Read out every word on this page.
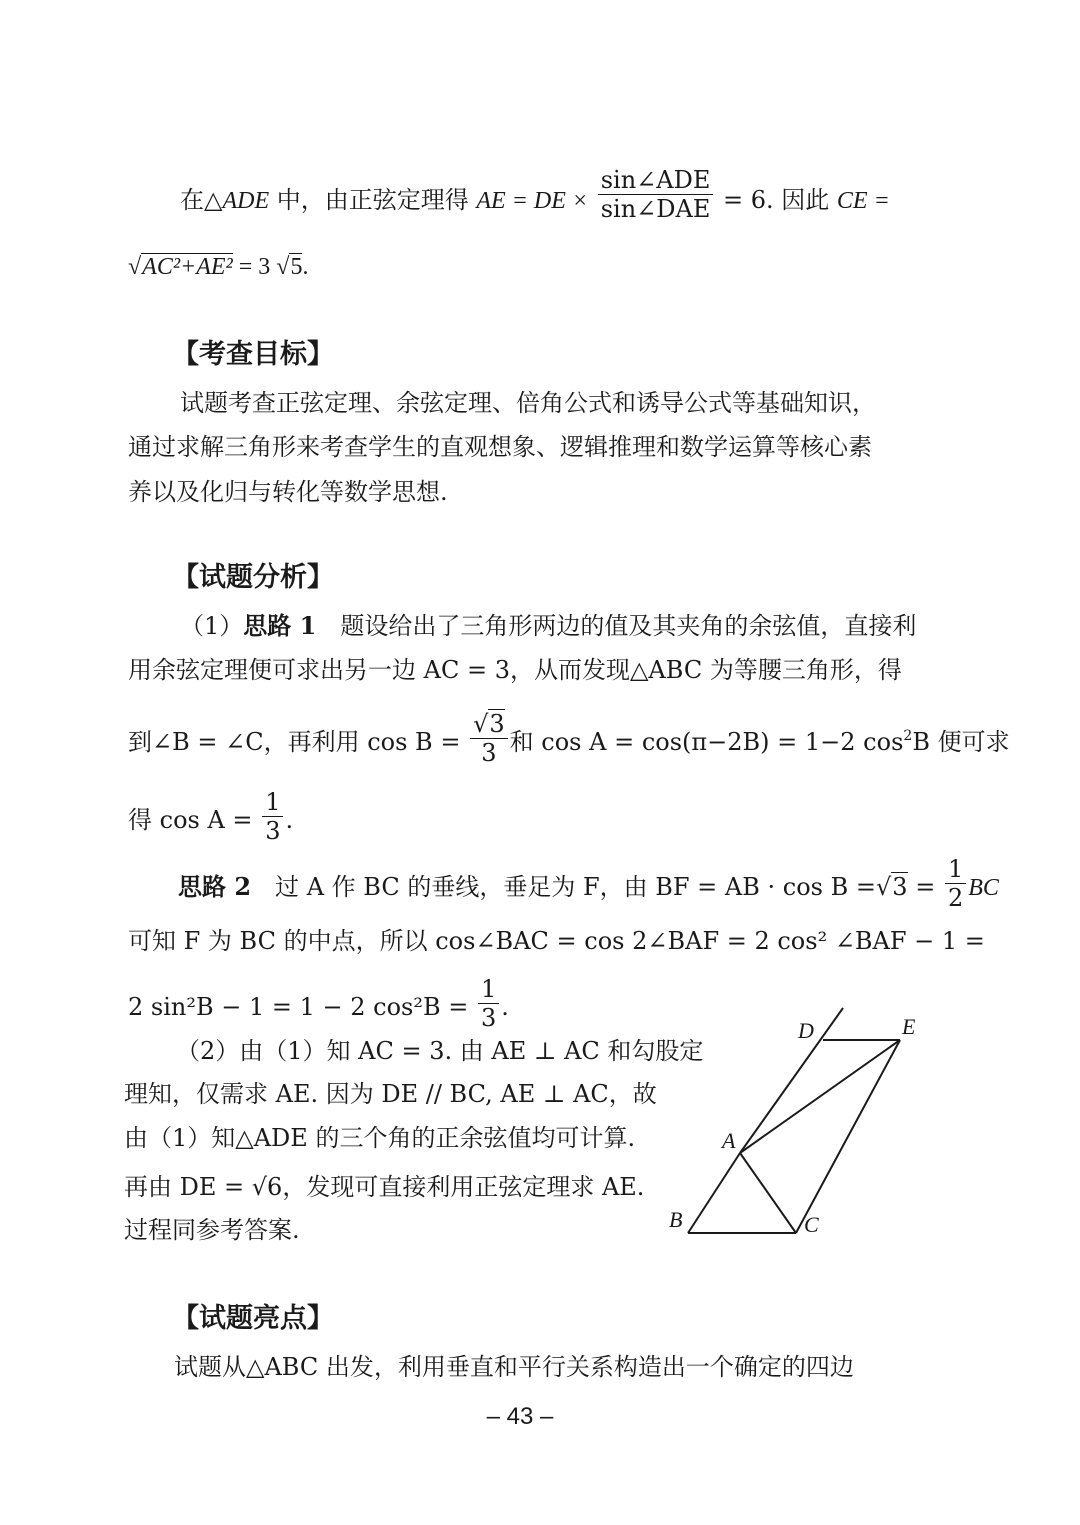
在△ADE 中，由正弦定理得 AE = DE × $\frac{\text{sin∠ADE}}{\text{sin∠DAE}} = 6$. 因此 CE =
√AC²+AE² = 3 √5.
【考查目标】
试题考查正弦定理、余弦定理、倍角公式和诱导公式等基础知识，
通过求解三角形来考查学生的直观想象、逻辑推理和数学运算等核心素
养以及化归与转化等数学思想.
【试题分析】
（1）思路 1　题设给出了三角形两边的值及其夹角的余弦值，直接利
用余弦定理便可求出另一边 AC = 3，从而发现△ABC 为等腰三角形，得
到∠B = ∠C，再利用 $\cos B = \frac{√3}{3}$ 和 cos A = cos(π−2B) = 1−2 $\cos^2B$ 便可求
得 $\cos A = \frac{1}{3}$ .
思路 2　过 A 作 BC 的垂线，垂足为 F，由 BF = AB · $\cos B =√3 = \frac{1}{2}$ BC
可知 F 为 BC 的中点，所以 cos∠BAC = cos 2∠BAF = 2 cos² ∠BAF − 1 =
2 sin²B − 1 = 1 − 2 $\cos^2B = \frac{1}{3}$ .
（2）由（1）知 AC = 3. 由 AE ⊥ AC 和勾股定
理知，仅需求 AE. 因为 DE // BC, AE ⊥ AC，故
由（1）知△ADE 的三个角的正余弦值均可计算.
再由 DE = √6，发现可直接利用正弦定理求 AE.
过程同参考答案.
D	E
A
B	C
【试题亮点】
试题从△ABC 出发，利用垂直和平行关系构造出一个确定的四边
– 43 –
